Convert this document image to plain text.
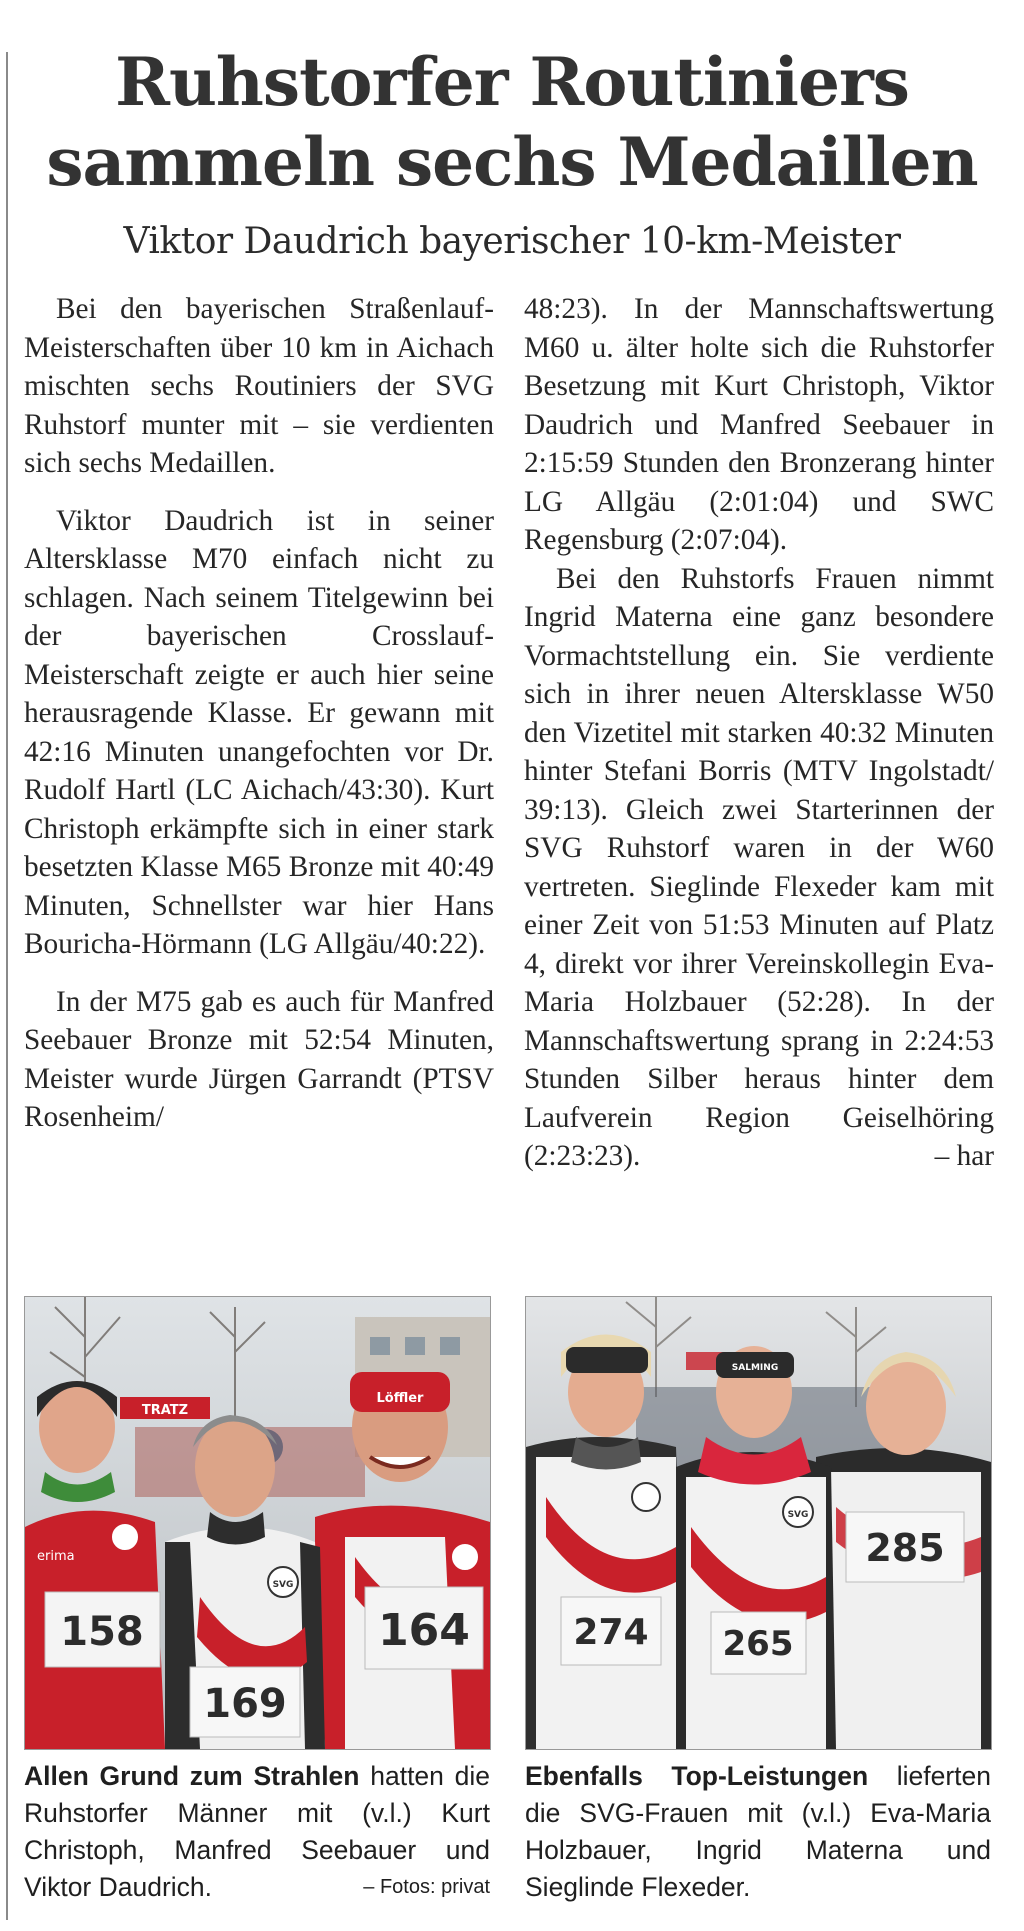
Ruhstorfer Routiniers
sammeln sechs Medaillen
Viktor Daudrich bayerischer 10-km-Meister

Bei den bayerischen Straßenlauf-Meisterschaften über 10 km in Aichach mischten sechs Routiniers der SVG Ruhstorf munter mit – sie verdienten sich sechs Medaillen.

Viktor Daudrich ist in seiner Altersklasse M70 einfach nicht zu schlagen. Nach seinem Titelgewinn bei der bayerischen Crosslauf-Meisterschaft zeigte er auch hier seine herausragende Klasse. Er gewann mit 42:16 Minuten unangefochten vor Dr. Rudolf Hartl (LC Aichach/43:30). Kurt Christoph erkämpfte sich in einer stark besetzten Klasse M65 Bronze mit 40:49 Minuten, Schnellster war hier Hans Bouricha-Hörmann (LG Allgäu/40:22).

In der M75 gab es auch für Manfred Seebauer Bronze mit 52:54 Minuten, Meister wurde Jürgen Garrandt (PTSV Rosenheim/

48:23). In der Mannschaftswertung M60 u. älter holte sich die Ruhstorfer Besetzung mit Kurt Christoph, Viktor Daudrich und Manfred Seebauer in 2:15:59 Stunden den Bronzerang hinter LG Allgäu (2:01:04) und SWC Regensburg (2:07:04).

Bei den Ruhstorfs Frauen nimmt Ingrid Materna eine ganz besondere Vormachtstellung ein. Sie verdiente sich in ihrer neuen Altersklasse W50 den Vizetitel mit starken 40:32 Minuten hinter Stefani Borris (MTV Ingolstadt/ 39:13). Gleich zwei Starterinnen der SVG Ruhstorf waren in der W60 vertreten. Sieglinde Flexeder kam mit einer Zeit von 51:53 Minuten auf Platz 4, direkt vor ihrer Vereinskollegin Eva-Maria Holzbauer (52:28). In der Mannschaftswertung sprang in 2:24:53 Stunden Silber heraus hinter dem Laufverein Region Geiselhöring (2:23:23).	– har

TRATZ
erima
158
Löffler
164
SVG
169
274
285
SALMING
SVG
265
Allen Grund zum Strahlen hatten die Ruhstorfer Männer mit (v.l.) Kurt Christoph, Manfred Seebauer und Viktor Daudrich.	– Fotos: privat
Ebenfalls Top-Leistungen lieferten die SVG-Frauen mit (v.l.) Eva-Maria Holzbauer, Ingrid Materna und Sieglinde Flexeder.
